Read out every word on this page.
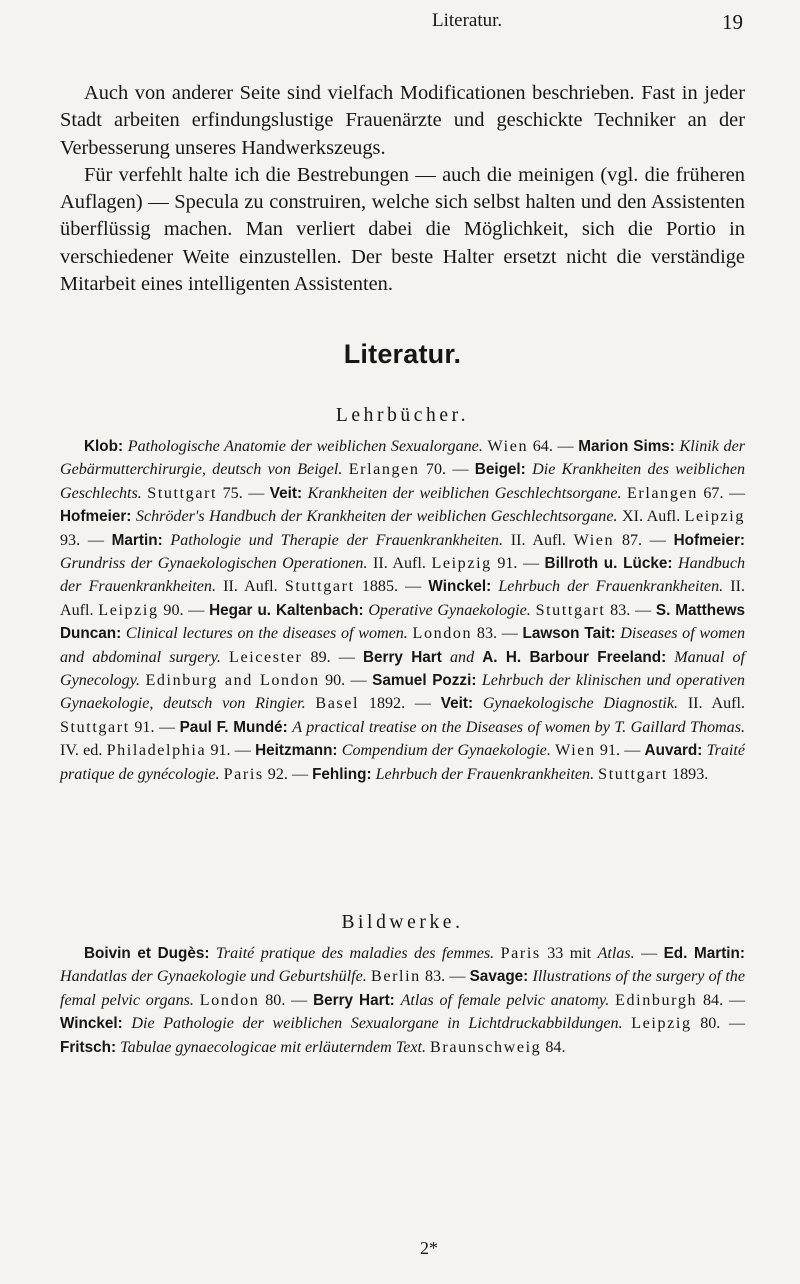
Literatur.	19

Auch von anderer Seite sind vielfach Modificationen beschrieben. Fast in jeder Stadt arbeiten erfindungslustige Frauenärzte und geschickte Techniker an der Verbesserung unseres Handwerkszeugs.

Für verfehlt halte ich die Bestrebungen — auch die meinigen (vgl. die früheren Auflagen) — Specula zu construiren, welche sich selbst halten und den Assistenten überflüssig machen. Man verliert dabei die Möglichkeit, sich die Portio in verschiedener Weite einzustellen. Der beste Halter ersetzt nicht die verständige Mitarbeit eines intelligenten Assistenten.

Literatur.
Lehrbücher.

Klob: Pathologische Anatomie der weiblichen Sexualorgane. Wien 64. — Marion Sims: Klinik der Gebärmutterchirurgie, deutsch von Beigel. Erlangen 70. — Beigel: Die Krankheiten des weiblichen Geschlechts. Stuttgart 75. — Veit: Krankheiten der weiblichen Geschlechtsorgane. Erlangen 67. — Hofmeier: Schröder's Handbuch der Krankheiten der weiblichen Geschlechtsorgane. XI. Aufl. Leipzig 93. — Martin: Pathologie und Therapie der Frauenkrankheiten. II. Aufl. Wien 87. — Hofmeier: Grundriss der Gynaekologischen Operationen. II. Aufl. Leipzig 91. — Billroth u. Lücke: Handbuch der Frauenkrankheiten. II. Aufl. Stuttgart 1885. — Winckel: Lehrbuch der Frauenkrankheiten. II. Aufl. Leipzig 90. — Hegar u. Kaltenbach: Operative Gynaekologie. Stuttgart 83. — S. Matthews Duncan: Clinical lectures on the diseases of women. London 83. — Lawson Tait: Diseases of women and abdominal surgery. Leicester 89. — Berry Hart and A. H. Barbour Freeland: Manual of Gynecology. Edinburg and London 90. — Samuel Pozzi: Lehrbuch der klinischen und operativen Gynaekologie, deutsch von Ringier. Basel 1892. — Veit: Gynaekologische Diagnostik. II. Aufl. Stuttgart 91. — Paul F. Mundé: A practical treatise on the Diseases of women by T. Gaillard Thomas. IV. ed. Philadelphia 91. — Heitzmann: Compendium der Gynaekologie. Wien 91. — Auvard: Traité pratique de gynécologie. Paris 92. — Fehling: Lehrbuch der Frauenkrankheiten. Stuttgart 1893.

Bildwerke.

Boivin et Dugès: Traité pratique des maladies des femmes. Paris 33 mit Atlas. — Ed. Martin: Handatlas der Gynaekologie und Geburtshülfe. Berlin 83. — Savage: Illustrations of the surgery of the femal pelvic organs. London 80. — Berry Hart: Atlas of female pelvic anatomy. Edinburgh 84. — Winckel: Die Pathologie der weiblichen Sexualorgane in Lichtdruckabbildungen. Leipzig 80. — Fritsch: Tabulae gynaecologicae mit erläuterndem Text. Braunschweig 84.

2*
